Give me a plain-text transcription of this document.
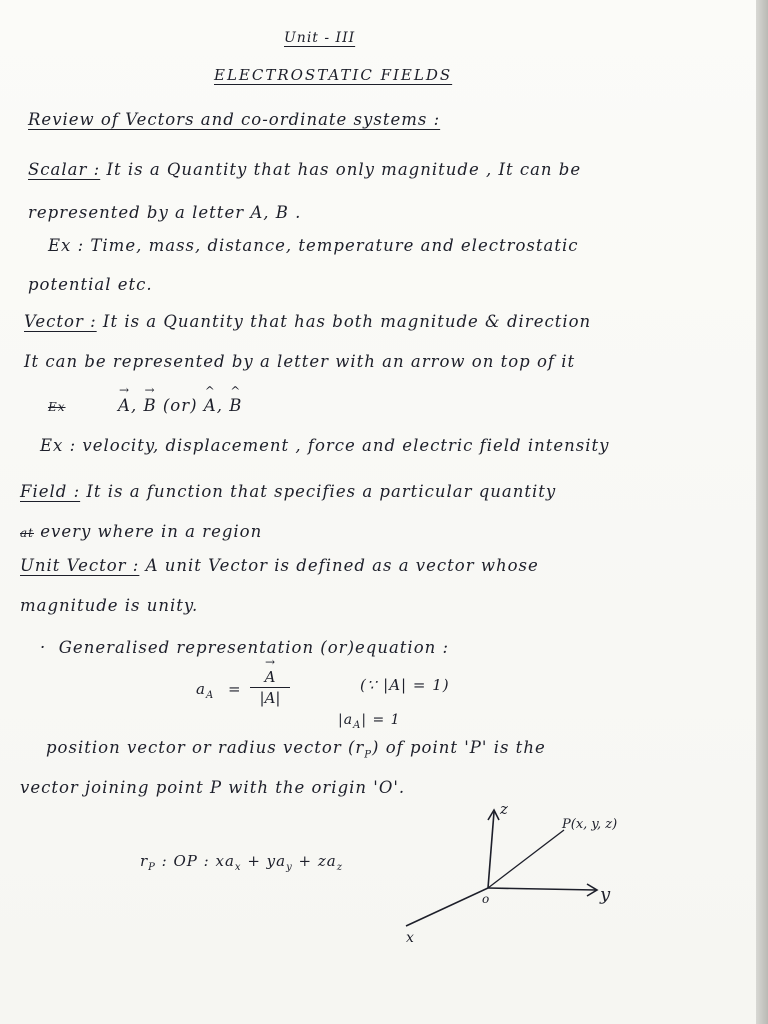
Unit - III
ELECTROSTATIC FIELDS
Review of Vectors and co-ordinate systems :
Scalar : It is a Quantity that has only magnitude , It can be
represented by a letter A, B .
Ex : Time, mass, distance, temperature and electrostatic
potential etc.
Vector : It is a Quantity that has both magnitude & direction
It can be represented by a letter with an arrow on top of it
Ex	→ A, → B (or) ^ A, ^ B
Ex : velocity, displacement , force and electric field intensity
Field : It is a function that specifies a particular quantity
at every where in a region
Unit Vector : A unit Vector is defined as a vector whose
magnitude is unity.
·  Generalised representation (or)equation :
$a_A$ = → $\frac{A}{|A|}$	(∵ |A| = 1)
$|a_A| = 1$
position vector or radius vector $(r_P)$ of point 'P' is the
vector joining point P with the origin 'O'.
$r_P$ : OP : $xa_x + ya_y + za_z$
z
y
x
o
P(x, y, z)
